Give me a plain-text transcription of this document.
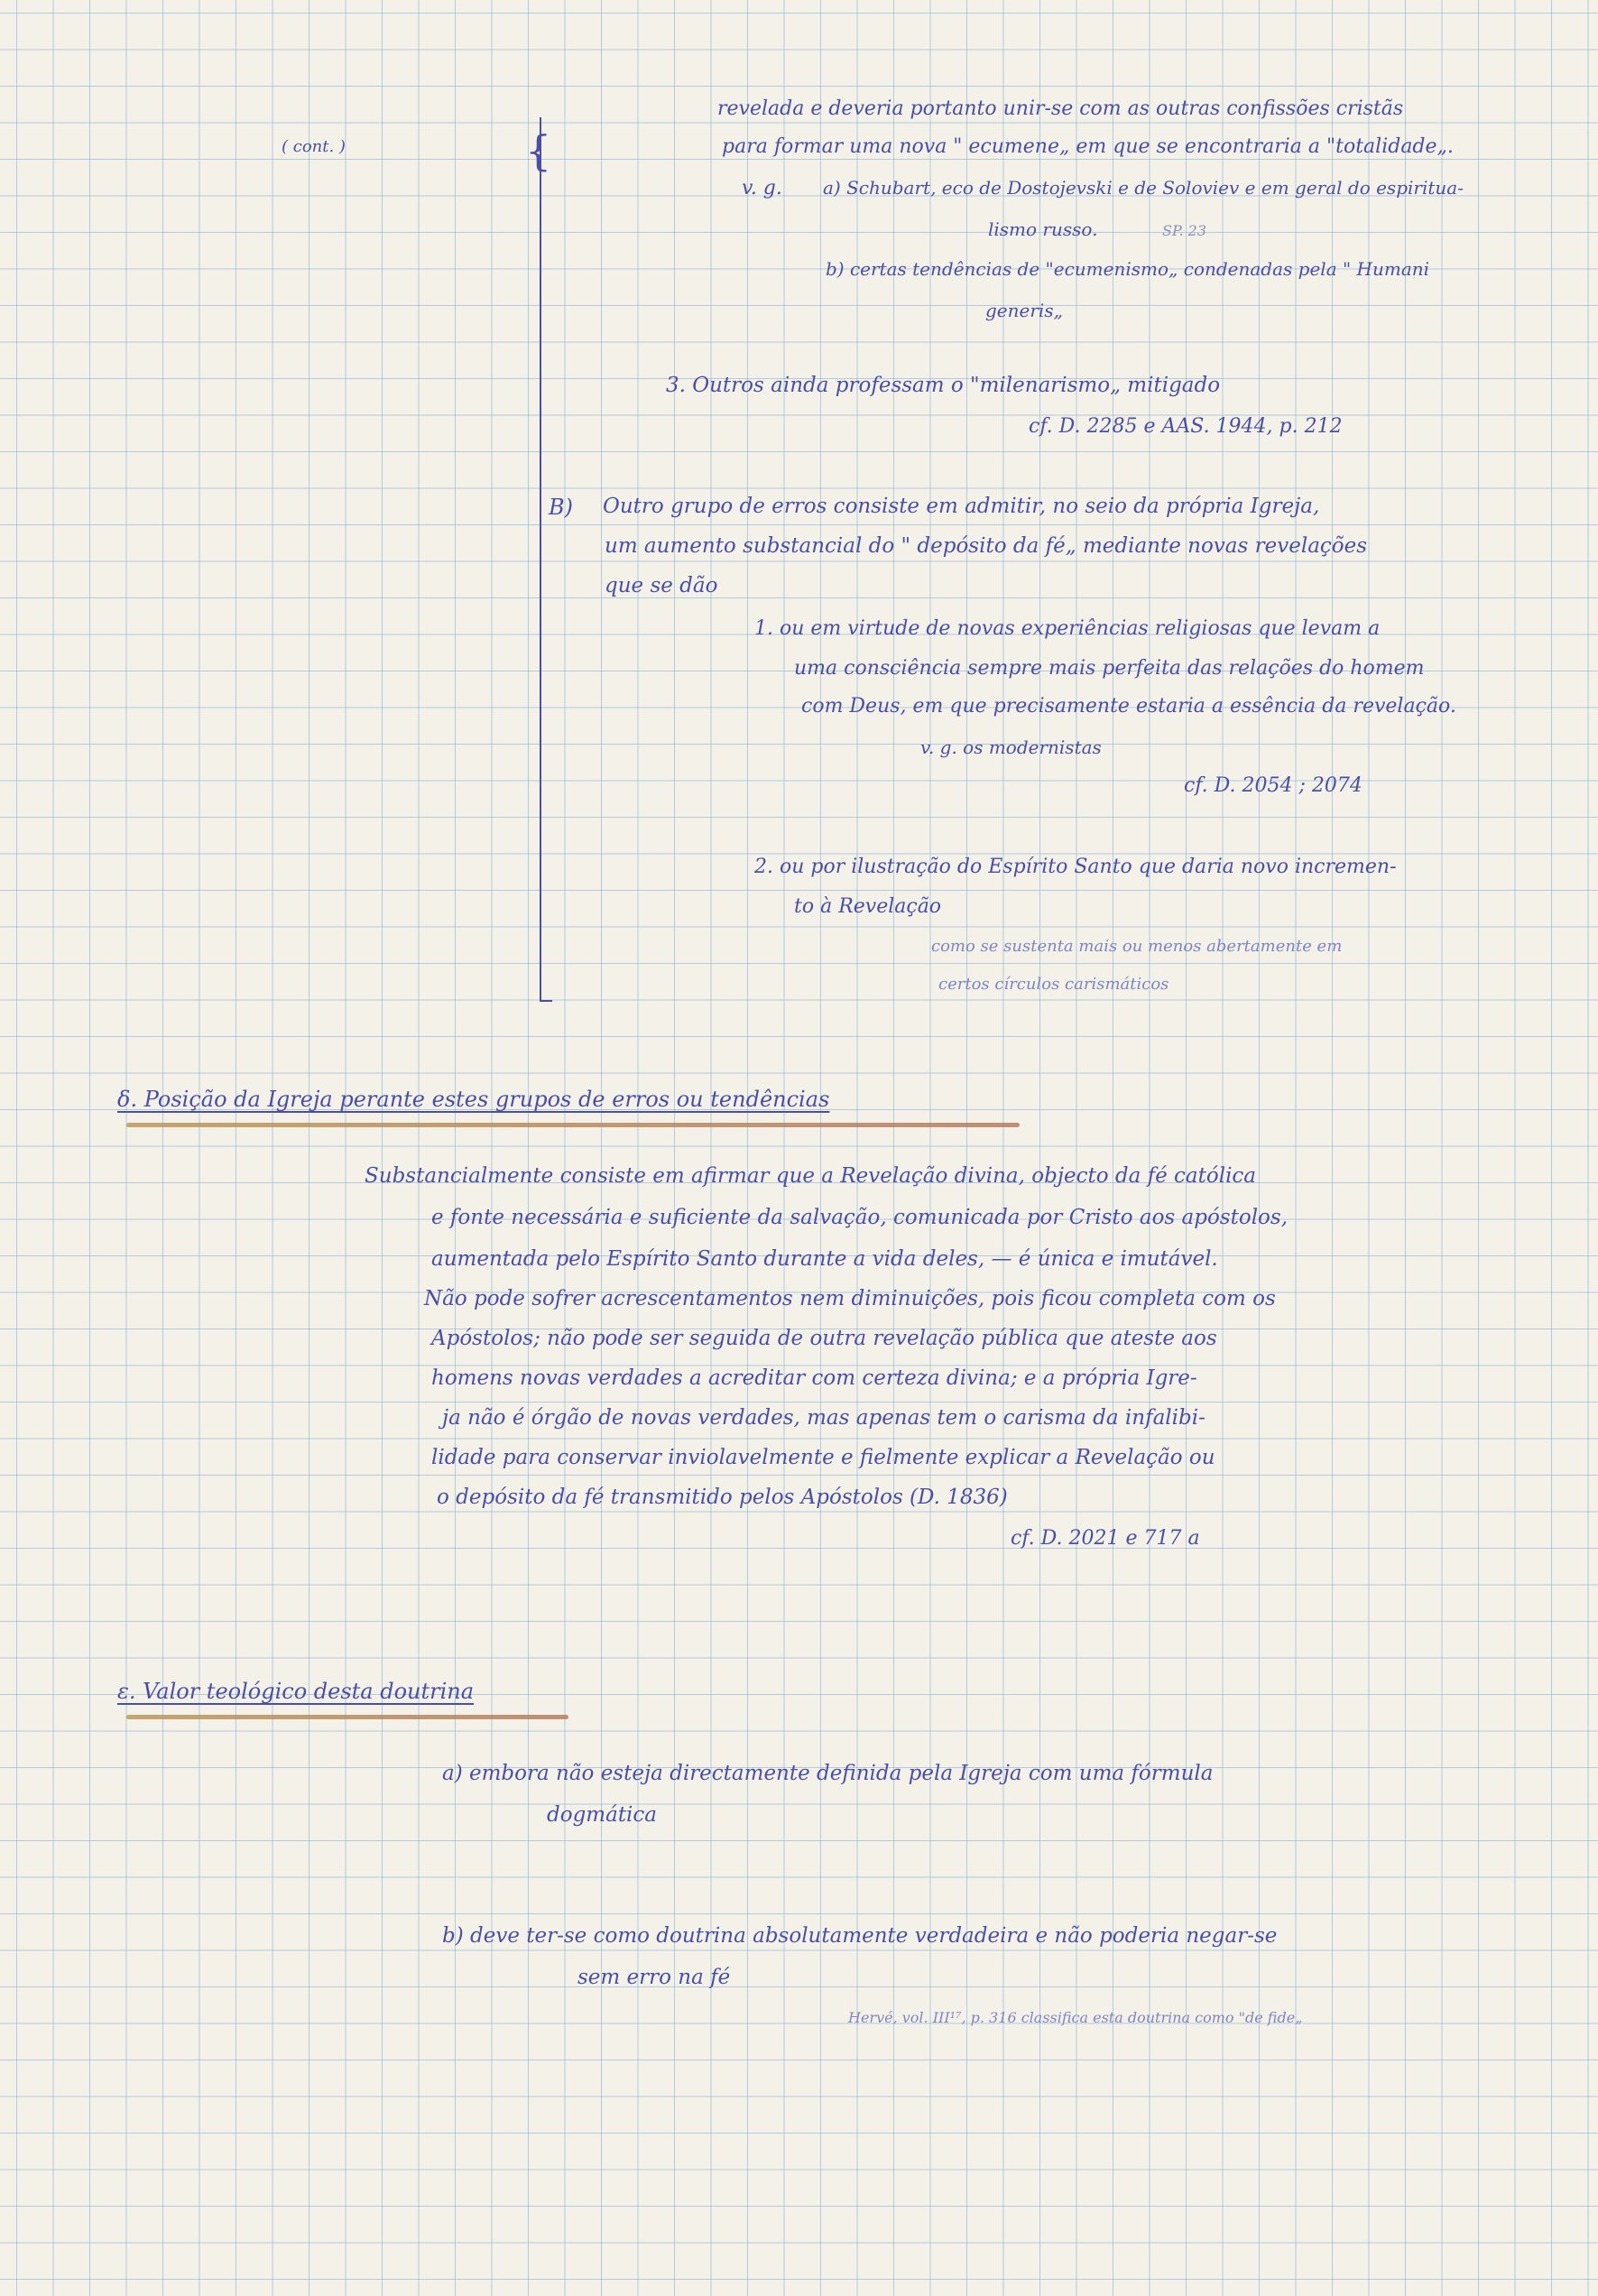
( cont. )	{
revelada e deveria portanto unir-se com as outras confissões cristãs
para formar uma nova " ecumene„ em que se encontraria a "totalidade„.
v. g. a) Schubart, eco de Dostojevski e de Soloviev e em geral do espiritua-
lismo russo.	SP. 23
b) certas tendências de "ecumenismo„ condenadas pela " Humani
generis„
3. Outros ainda professam o "milenarismo„ mitigado
cf. D. 2285 e AAS. 1944, p. 212
B) Outro grupo de erros consiste em admitir, no seio da própria Igreja,
um aumento substancial do " depósito da fé„ mediante novas revelações
que se dão
1. ou em virtude de novas experiências religiosas que levam a
uma consciência sempre mais perfeita das relações do homem
com Deus, em que precisamente estaria a essência da revelação.
v. g. os modernistas
cf. D. 2054 ; 2074
2. ou por ilustração do Espírito Santo que daria novo incremen-
to à Revelação
como se sustenta mais ou menos abertamente em
certos círculos carismáticos
δ. Posição da Igreja perante estes grupos de erros ou tendências
Substancialmente consiste em afirmar que a Revelação divina, objecto da fé católica
e fonte necessária e suficiente da salvação, comunicada por Cristo aos apóstolos,
aumentada pelo Espírito Santo durante a vida deles, — é única e imutável.
Não pode sofrer acrescentamentos nem diminuições, pois ficou completa com os
Apóstolos; não pode ser seguida de outra revelação pública que ateste aos
homens novas verdades a acreditar com certeza divina; e a própria Igre-
ja não é órgão de novas verdades, mas apenas tem o carisma da infalibi-
lidade para conservar inviolavelmente e fielmente explicar a Revelação ou
o depósito da fé transmitido pelos Apóstolos (D. 1836)
cf. D. 2021 e 717 a
ε. Valor teológico desta doutrina
a) embora não esteja directamente definida pela Igreja com uma fórmula
dogmática
b) deve ter-se como doutrina absolutamente verdadeira e não poderia negar-se
sem erro na fé
Hervé, vol. III¹⁷, p. 316 classifica esta doutrina como "de fide„
